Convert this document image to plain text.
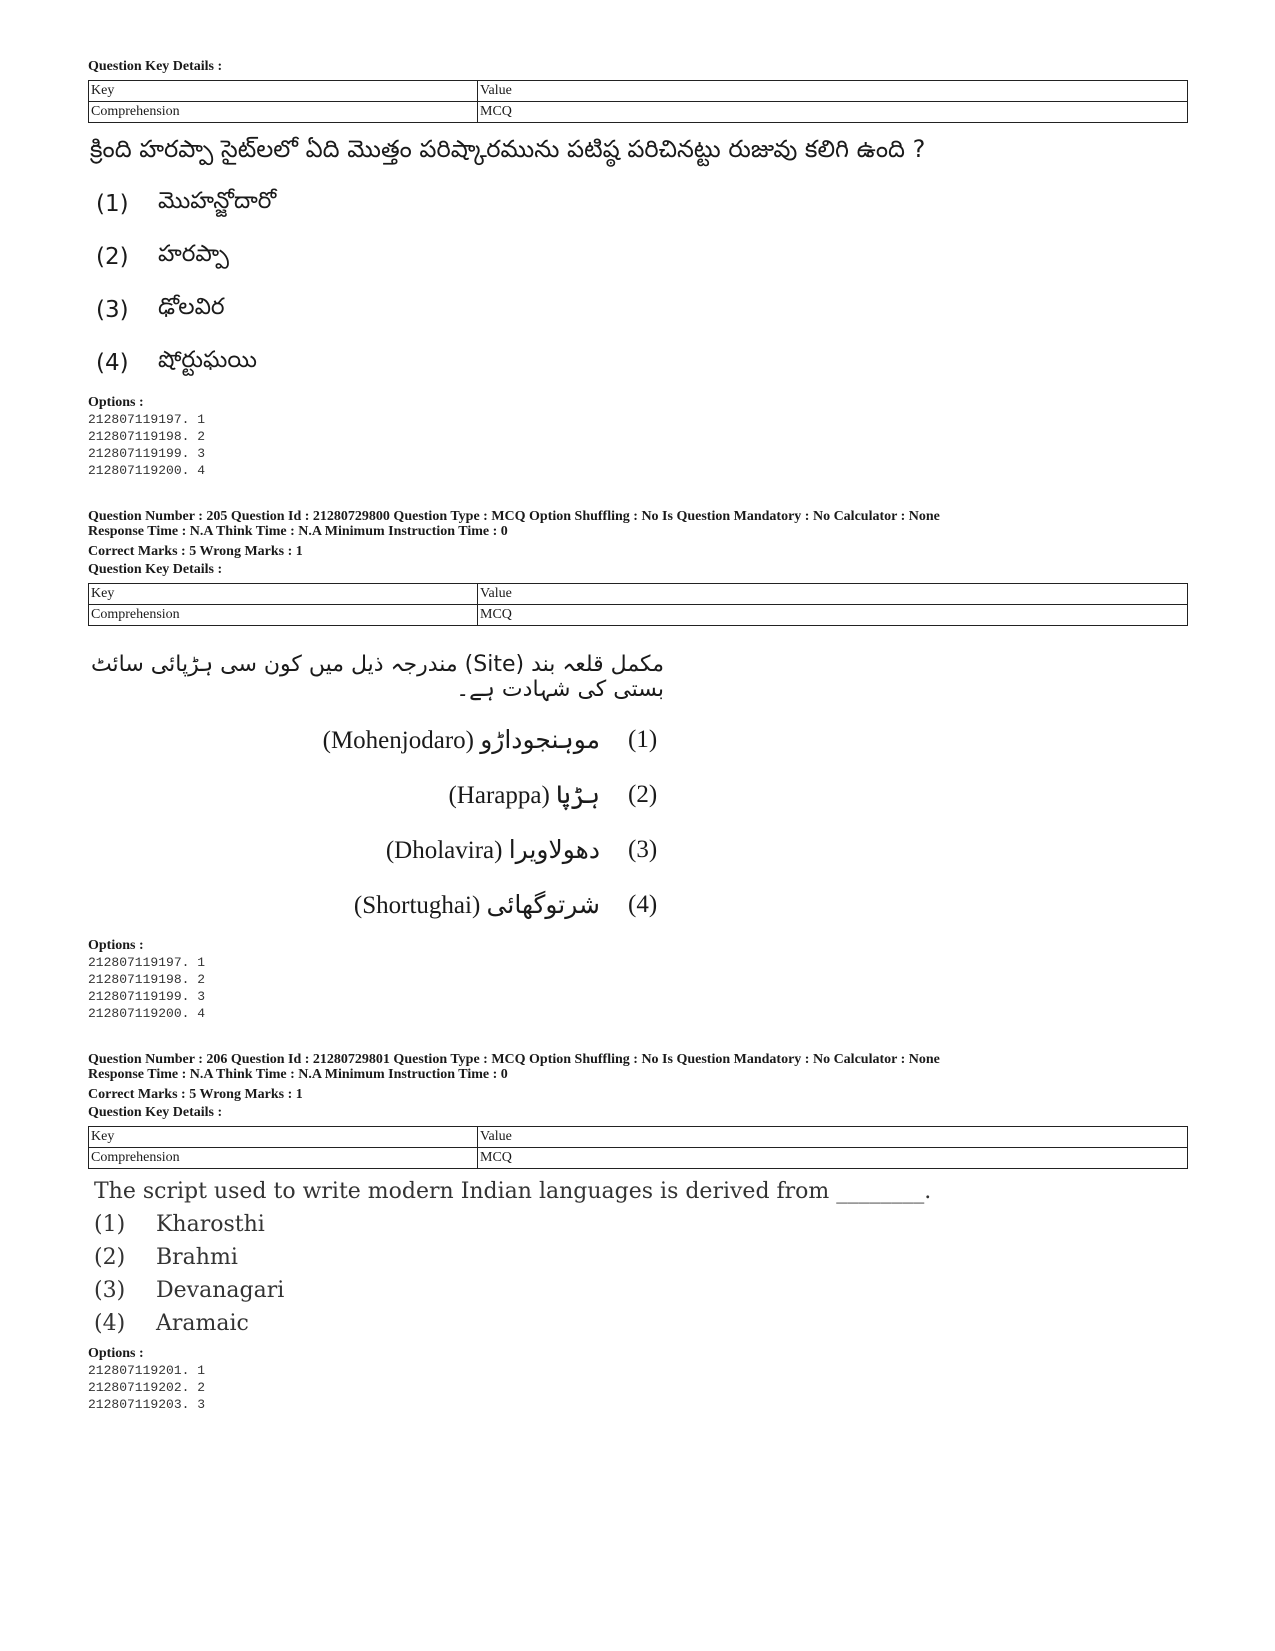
Question Key Details :
Key	Value
Comprehension	MCQ
క్రింది హరప్పా సైట్‌లలో ఏది మొత్తం పరిష్కారమును పటిష్ఠ పరిచినట్టు రుజువు కలిగి ఉంది ?
(1)	మొహన్జోదారో
(2)	హరప్పా
(3)	ఢోలవిర
(4)	షోర్టుఘయి
Options :
212807119197. 1
212807119198. 2
212807119199. 3
212807119200. 4
Question Number : 205 Question Id : 21280729800 Question Type : MCQ Option Shuffling : No Is Question Mandatory : No Calculator : None
Response Time : N.A Think Time : N.A Minimum Instruction Time : 0
Correct Marks : 5 Wrong Marks : 1
Question Key Details :
Key	Value
Comprehension	MCQ
مندرجہ ذیل میں کون سی ہڑپائی سائٹ (Site) مکمل قلعہ بند بستی کی شہادت ہے۔
(Mohenjodaro) موہنجوداڑو (1)
(Harappa) ہڑپا (2)
(Dholavira) دھولاویرا (3)
(Shortughai) شرتوگھائی (4)
Options :
212807119197. 1
212807119198. 2
212807119199. 3
212807119200. 4
Question Number : 206 Question Id : 21280729801 Question Type : MCQ Option Shuffling : No Is Question Mandatory : No Calculator : None
Response Time : N.A Think Time : N.A Minimum Instruction Time : 0
Correct Marks : 5 Wrong Marks : 1
Question Key Details :
Key	Value
Comprehension	MCQ
The script used to write modern Indian languages is derived from ________.
(1)	Kharosthi
(2)	Brahmi
(3)	Devanagari
(4)	Aramaic
Options :
212807119201. 1
212807119202. 2
212807119203. 3
